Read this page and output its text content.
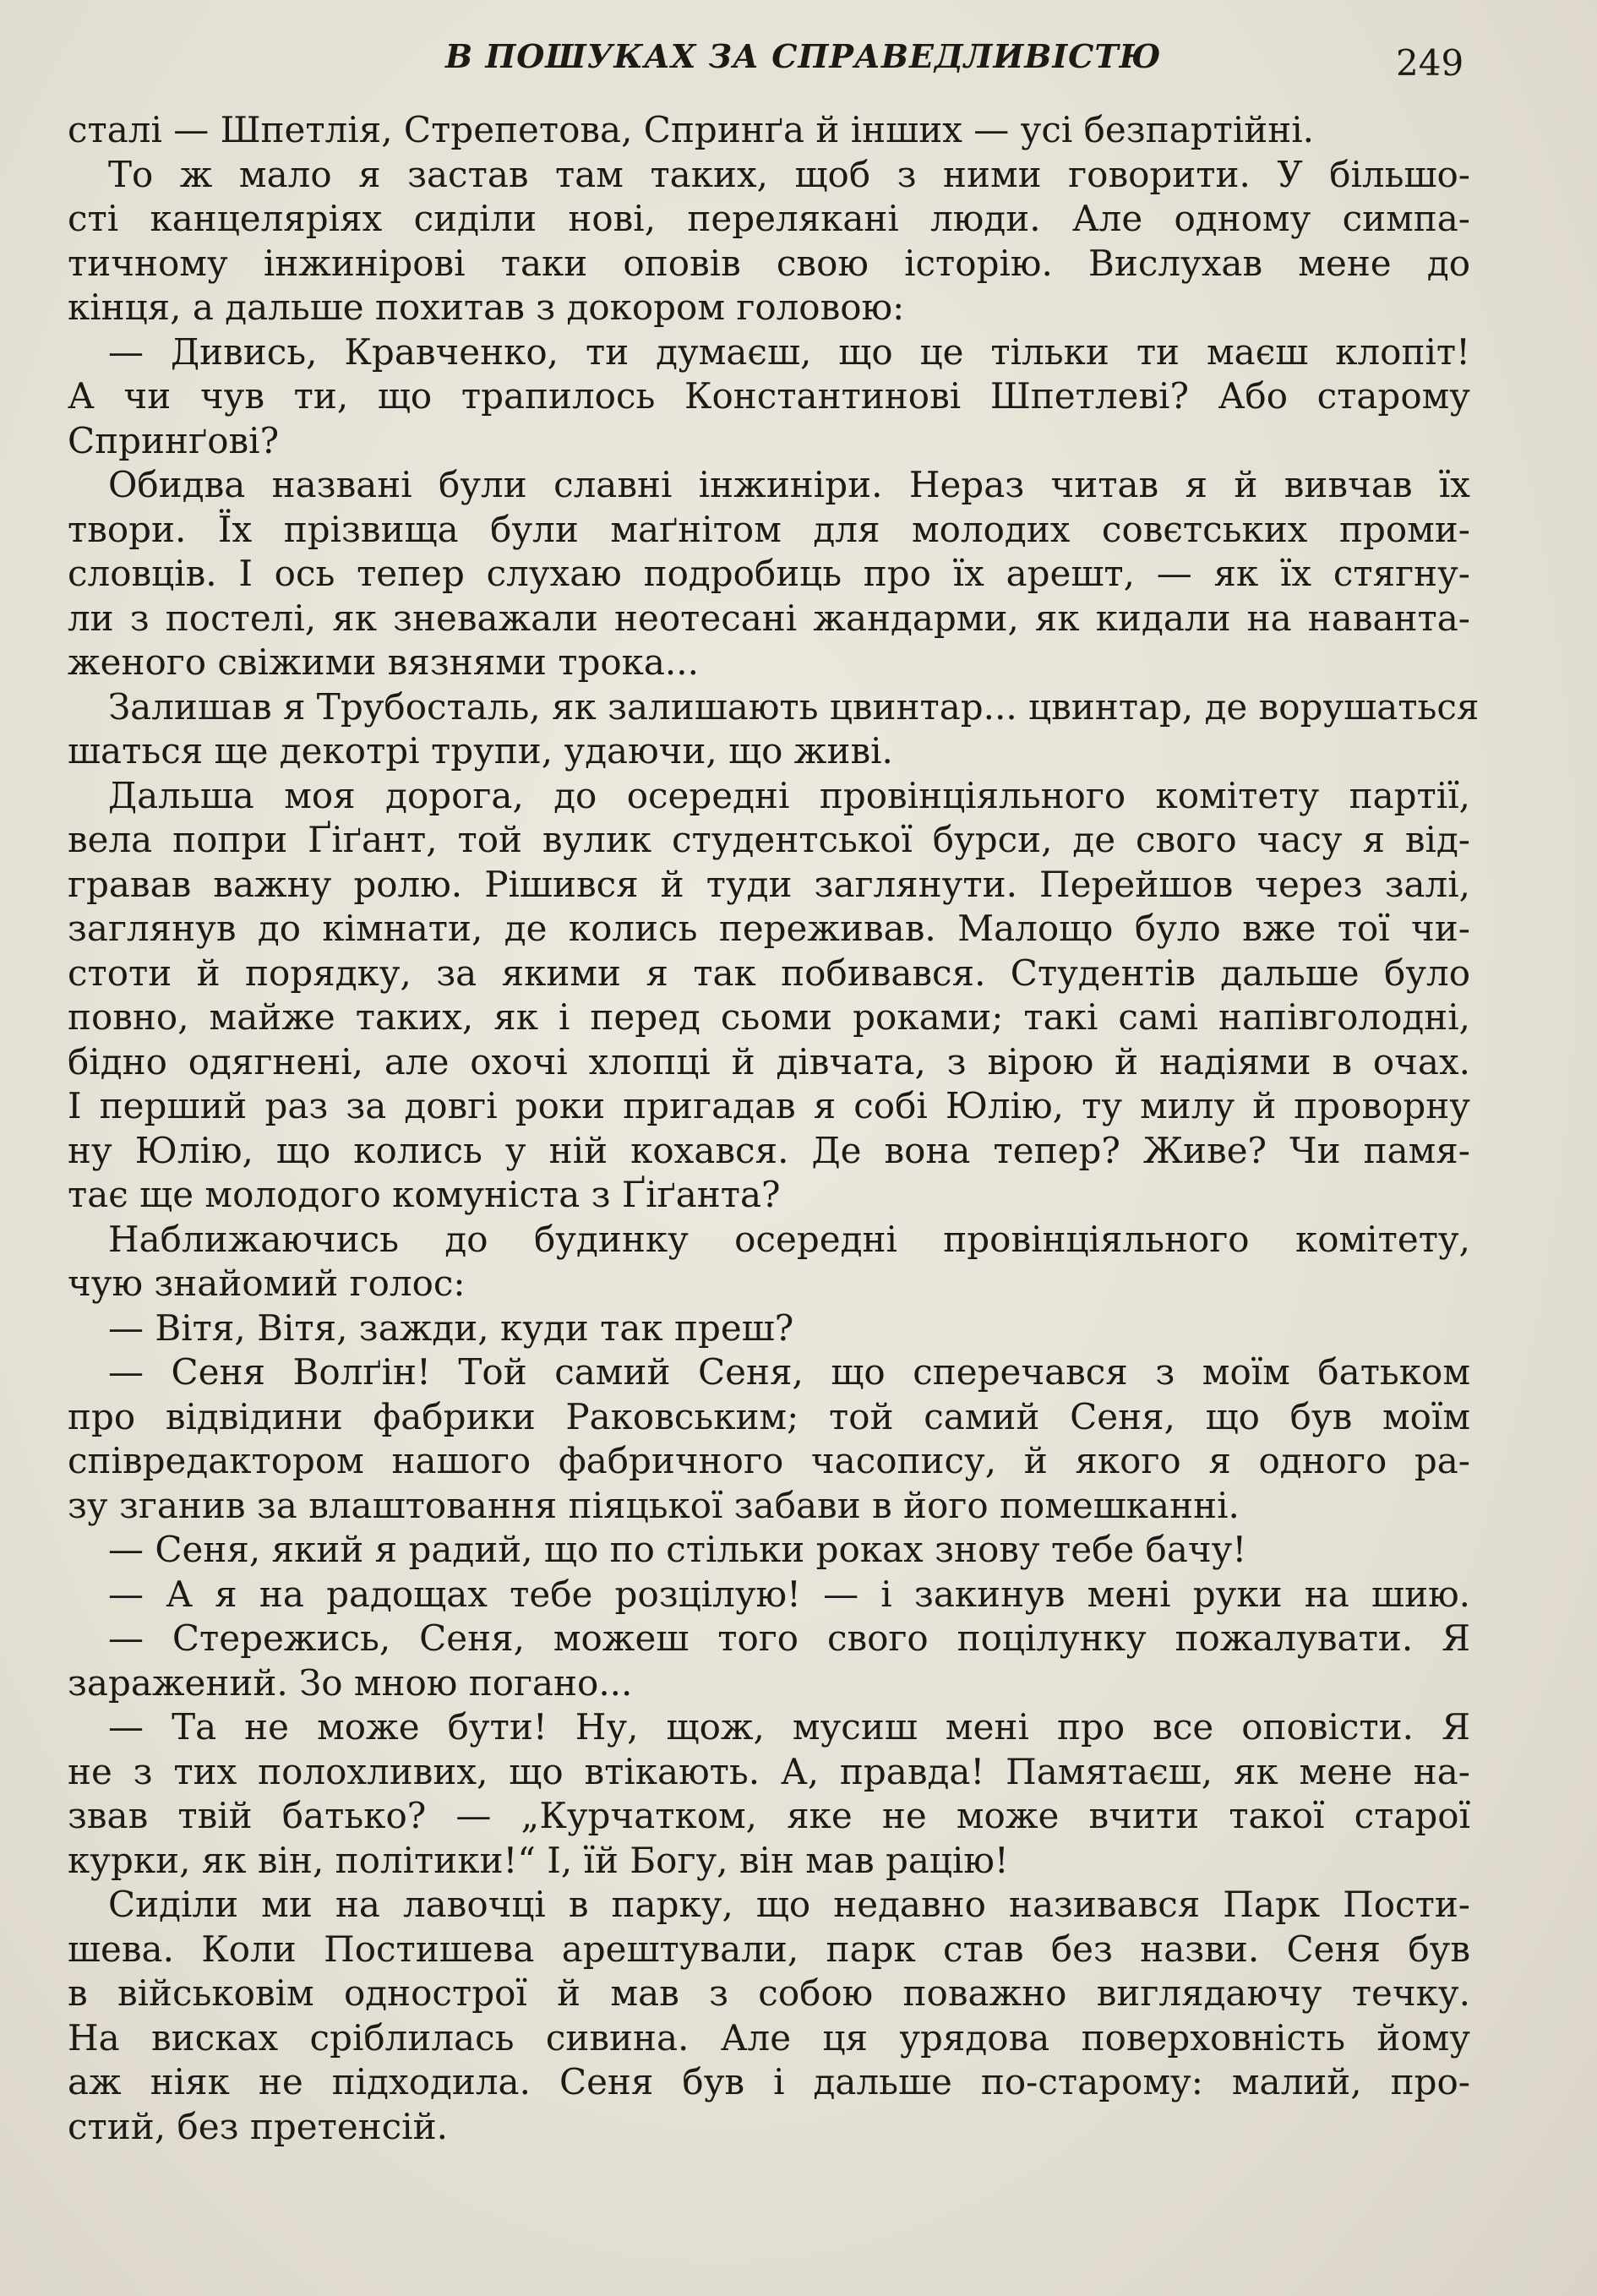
В ПОШУКАХ ЗА СПРАВЕДЛИВІСТЮ	249
сталі — Шпетлія, Стрепетова, Спринґа й інших — усі безпартійні.
То ж мало я застав там таких, щоб з ними говорити. У більшо-
сті канцеляріях сиділи нові, перелякані люди. Але одному симпа-
тичному інжинірові таки оповів свою історію. Вислухав мене до
кінця, а дальше похитав з докором головою:
— Дивись, Кравченко, ти думаєш, що це тільки ти маєш клопіт!
А чи чув ти, що трапилось Константинові Шпетлеві? Або старому
Спринґові?
Обидва названі були славні інжиніри. Нераз читав я й вивчав їх
твори. Їх прізвища були маґнітом для молодих совєтських проми-
словців. І ось тепер слухаю подробиць про їх арешт, — як їх стягну-
ли з постелі, як зневажали неотесані жандарми, як кидали на наванта-
женого свіжими вязнями трока...
Залишав я Трубосталь, як залишають цвинтар... цвинтар, де ворушаться
шаться ще декотрі трупи, удаючи, що живі.
Дальша моя дорога, до осередні провінціяльного комітету партії,
вела попри Ґіґант, той вулик студентської бурси, де свого часу я від-
гравав важну ролю. Рішився й туди заглянути. Перейшов через залі,
заглянув до кімнати, де колись переживав. Малощо було вже тої чи-
стоти й порядку, за якими я так побивався. Студентів дальше було
повно, майже таких, як і перед сьоми роками; такі самі напівголодні,
бідно одягнені, але охочі хлопці й дівчата, з вірою й надіями в очах.
І перший раз за довгі роки пригадав я собі Юлію, ту милу й проворну
ну Юлію, що колись у ній кохався. Де вона тепер? Живе? Чи памя-
тає ще молодого комуніста з Ґіґанта?
Наближаючись до будинку осередні провінціяльного комітету,
чую знайомий голос:
— Вітя, Вітя, зажди, куди так преш?
— Сеня Волґін! Той самий Сеня, що сперечався з моїм батьком
про відвідини фабрики Раковським; той самий Сеня, що був моїм
співредактором нашого фабричного часопису, й якого я одного ра-
зу зганив за влаштовання піяцької забави в його помешканні.
— Сеня, який я радий, що по стільки роках знову тебе бачу!
— А я на радощах тебе розцілую! — і закинув мені руки на шию.
— Стережись, Сеня, можеш того свого поцілунку пожалувати. Я
заражений. Зо мною погано...
— Та не може бути! Ну, щож, мусиш мені про все оповісти. Я
не з тих полохливих, що втікають. А, правда! Памятаєш, як мене на-
звав твій батько? — „Курчатком, яке не може вчити такої старої
курки, як він, політики!“ І, їй Богу, він мав рацію!
Сиділи ми на лавочці в парку, що недавно називався Парк Пости-
шева. Коли Постишева арештували, парк став без назви. Сеня був
в військовім однострої й мав з собою поважно виглядаючу течку.
На висках сріблилась сивина. Але ця урядова поверховність йому
аж ніяк не підходила. Сеня був і дальше по-старому: малий, про-
стий, без претенсій.
